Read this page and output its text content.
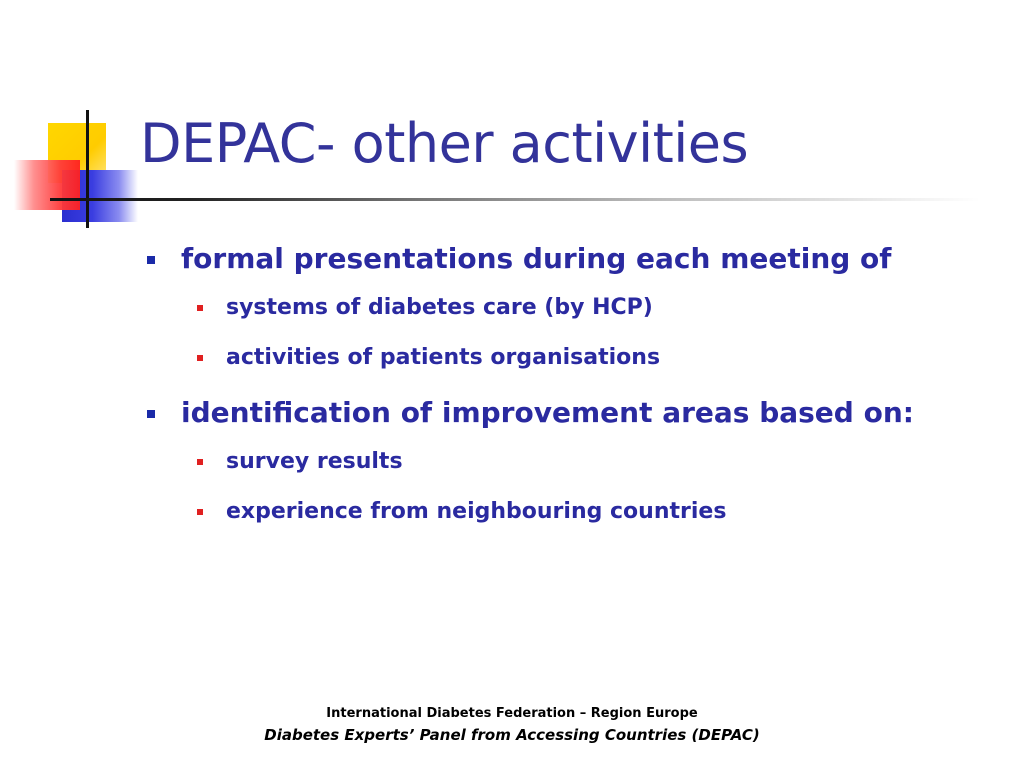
DEPAC- other activities
formal presentations during each meeting of
systems of diabetes care (by HCP)
activities of patients organisations
identification of improvement areas based on:
survey results
experience from neighbouring countries
International Diabetes Federation – Region Europe
Diabetes Experts’ Panel from Accessing Countries (DEPAC)
